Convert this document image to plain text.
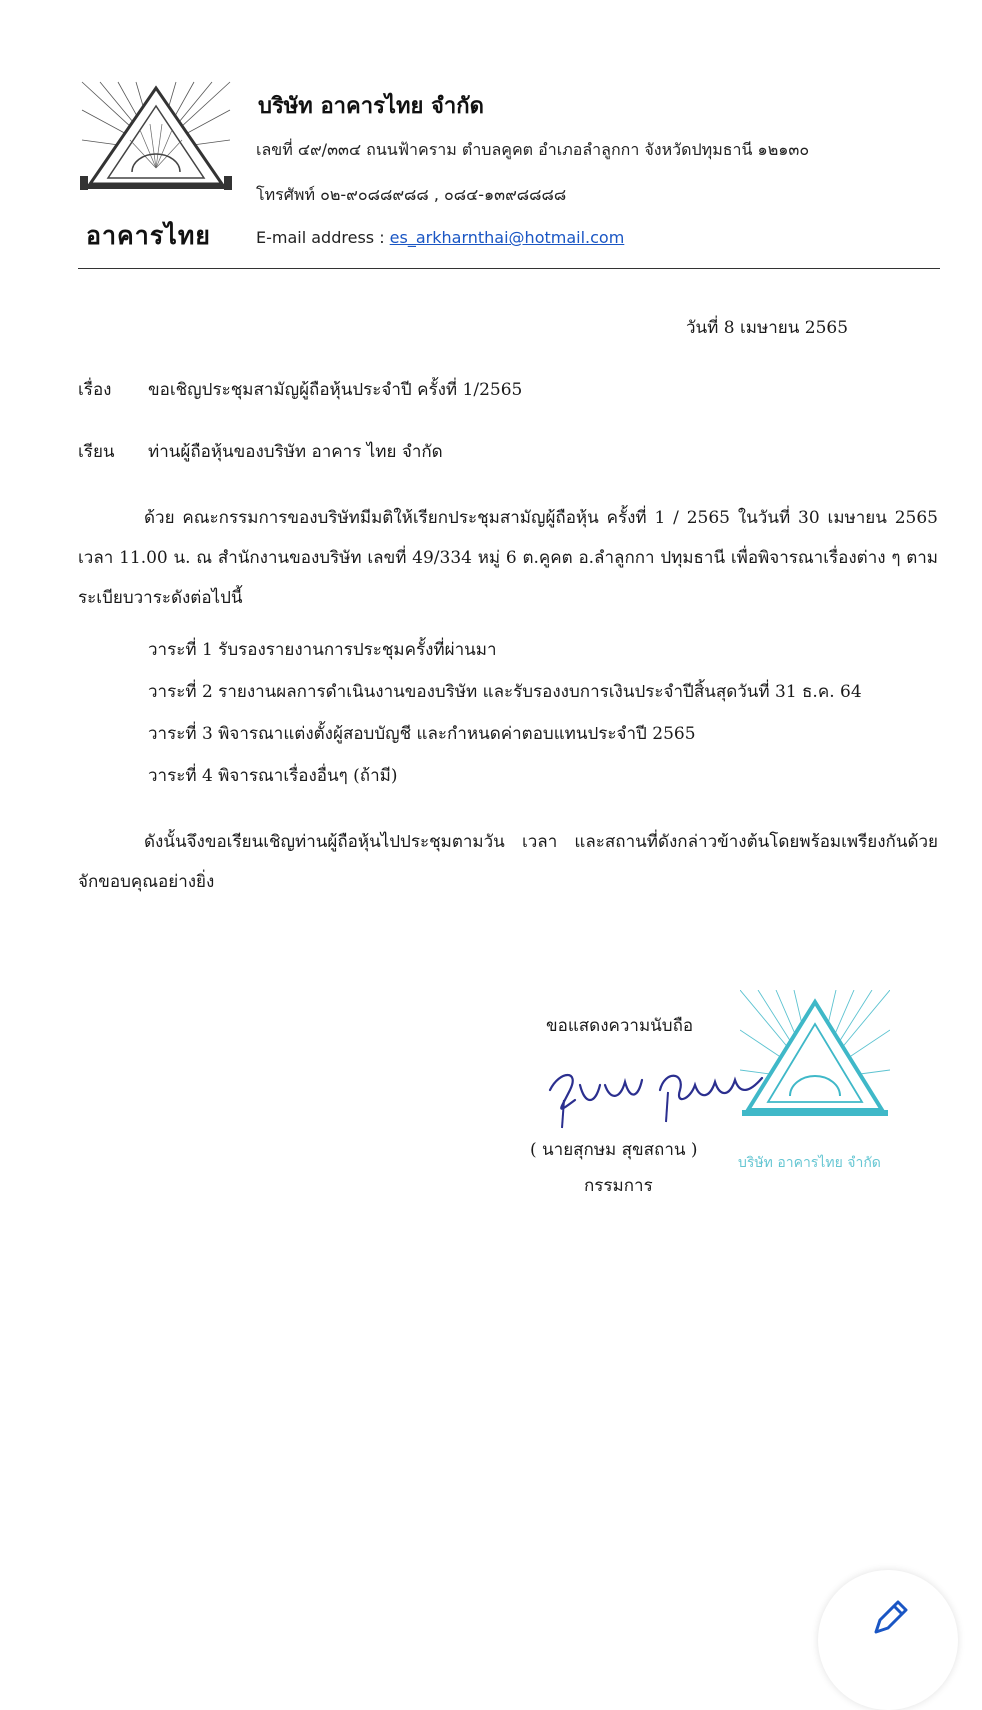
อาคารไทย
บริษัท อาคารไทย จำกัด
เลขที่ ๔๙/๓๓๔ ถนนฟ้าคราม ตำบลคูคต อำเภอลำลูกกา จังหวัดปทุมธานี ๑๒๑๓๐
โทรศัพท์ ๐๒-๙๐๘๘๙๘๘ , ๐๘๔-๑๓๙๘๘๘๘
E-mail address : es_arkharnthai@hotmail.com
วันที่ 8 เมษายน 2565
เรื่อง ขอเชิญประชุมสามัญผู้ถือหุ้นประจำปี ครั้งที่ 1/2565
เรียน ท่านผู้ถือหุ้นของบริษัท อาคาร ไทย จำกัด
ด้วย คณะกรรมการของบริษัทมีมติให้เรียกประชุมสามัญผู้ถือหุ้น ครั้งที่ 1 / 2565 ในวันที่ 30 เมษายน 2565 เวลา 11.00 น. ณ สำนักงานของบริษัท เลขที่ 49/334 หมู่ 6 ต.คูคต อ.ลำลูกกา ปทุมธานี เพื่อพิจารณาเรื่องต่าง ๆ ตามระเบียบวาระดังต่อไปนี้
วาระที่ 1 รับรองรายงานการประชุมครั้งที่ผ่านมา
วาระที่ 2 รายงานผลการดำเนินงานของบริษัท และรับรองงบการเงินประจำปีสิ้นสุดวันที่ 31 ธ.ค. 64
วาระที่ 3 พิจารณาแต่งตั้งผู้สอบบัญชี และกำหนดค่าตอบแทนประจำปี 2565
วาระที่ 4 พิจารณาเรื่องอื่นๆ (ถ้ามี)
ดังนั้นจึงขอเรียนเชิญท่านผู้ถือหุ้นไปประชุมตามวัน เวลา และสถานที่ดังกล่าวข้างต้นโดยพร้อมเพรียงกันด้วย จักขอบคุณอย่างยิ่ง
ขอแสดงความนับถือ
บริษัท อาคารไทย จำกัด
( นายสุกษม สุขสถาน )
กรรมการ
